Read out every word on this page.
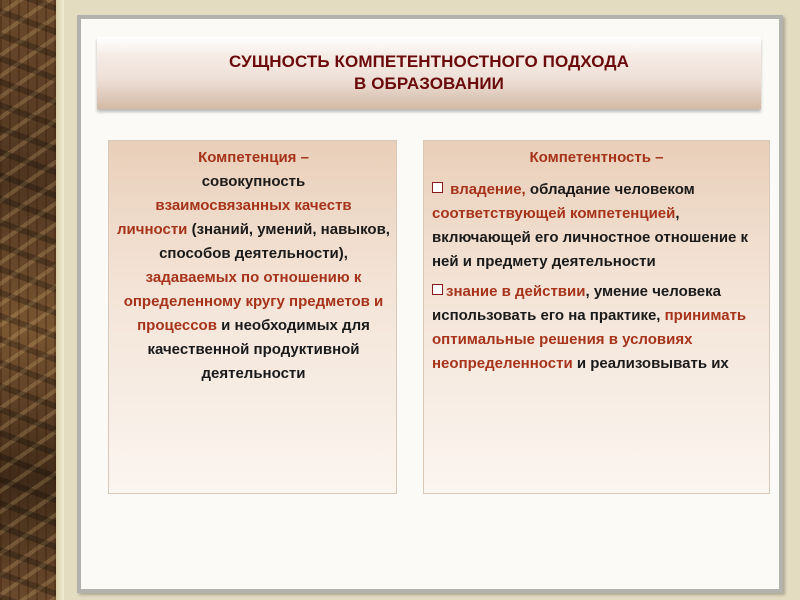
СУЩНОСТЬ КОМПЕТЕНТНОСТНОГО ПОДХОДА
В ОБРАЗОВАНИИ
Компетенция –
совокупность
взаимосвязанных качеств
личности (знаний, умений, навыков, способов деятельности), задаваемых по отношению к определенному кругу предметов и процессов и необходимых для качественной продуктивной деятельности
Компетентность –
владение, обладание человеком соответствующей компетенцией, включающей его личностное отношение к ней и предмету деятельности
знание в действии, умение человека использовать его на практике, принимать оптимальные решения в условиях неопределенности и реализовывать их
